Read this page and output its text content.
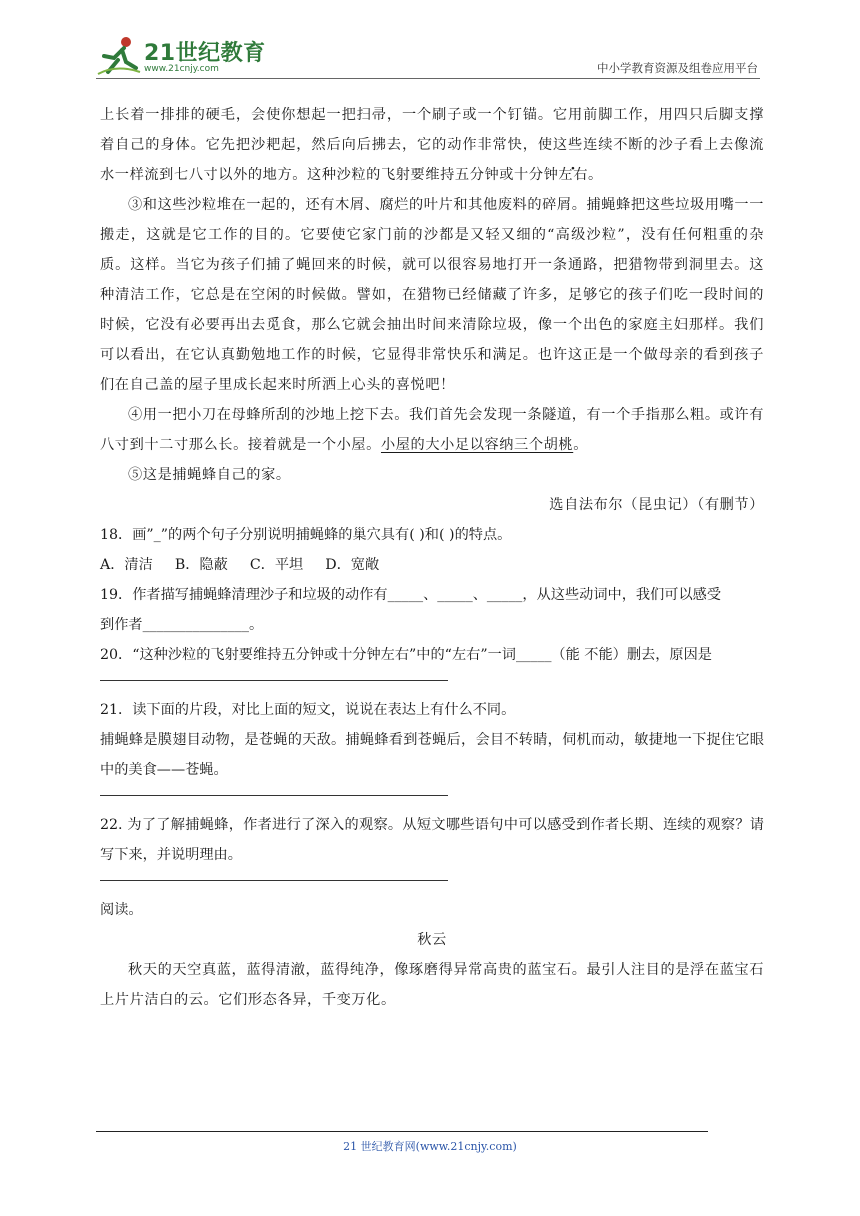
21世纪教育
www.21cnjy.com	中小学教育资源及组卷应用平台

上长着一排排的硬毛，会使你想起一把扫帚，一个刷子或一个钉锚。它用前脚工作，用四只后脚支撑着自己的身体。它先把沙耙起，然后向后拂去，它的动作非常快，使这些连续不断的沙子看上去像流水一样流到七八寸以外的地方。这种沙粒的飞射要维持五分钟或十分钟左右。

③和这些沙粒堆在一起的，还有木屑、腐烂的叶片和其他废料的碎屑。捕蝇蜂把这些垃圾用嘴一一搬走，这就是它工作的目的。它要使它家门前的沙都是又轻又细的“高级沙粒”，没有任何粗重的杂质。这样。当它为孩子们捕了蝇回来的时候，就可以很容易地打开一条通路，把猎物带到洞里去。这种清洁工作，它总是在空闲的时候做。譬如，在猎物已经储藏了许多，足够它的孩子们吃一段时间的时候，它没有必要再出去觅食，那么它就会抽出时间来清除垃圾，像一个出色的家庭主妇那样。我们可以看出，在它认真勤勉地工作的时候，它显得非常快乐和满足。也许这正是一个做母亲的看到孩子们在自己盖的屋子里成长起来时所洒上心头的喜悦吧！

④用一把小刀在母蜂所刮的沙地上挖下去。我们首先会发现一条隧道，有一个手指那么粗。或许有八寸到十二寸那么长。接着就是一个小屋。小屋的大小足以容纳三个胡桃。

⑤这是捕蝇蜂自己的家。

选自法布尔（昆虫记）（有删节）

18．画”_”的两个句子分别说明捕蝇蜂的巢穴具有( )和( )的特点。

A．清洁 B．隐蔽 C．平坦 D．宽敞

19．作者描写捕蝇蜂清理沙子和垃圾的动作有_____、_____、_____，从这些动词中，我们可以感受
到作者_______________。

20．“这种沙粒的飞射要维持五分钟或十分钟左右”中的“左右”一词_____（能 不能）删去，原因是

21．读下面的片段，对比上面的短文，说说在表达上有什么不同。

捕蝇蜂是膜翅目动物，是苍蝇的天敌。捕蝇蜂看到苍蝇后，会目不转睛，伺机而动，敏捷地一下捉住它眼中的美食——苍蝇。

22. 为了了解捕蝇蜂，作者进行了深入的观察。从短文哪些语句中可以感受到作者长期、连续的观察？请写下来，并说明理由。

阅读。

秋云

秋天的天空真蓝，蓝得清澈，蓝得纯净，像琢磨得异常高贵的蓝宝石。最引人注目的是浮在蓝宝石上片片洁白的云。它们形态各异，千变万化。

21 世纪教育网(www.21cnjy.com)
